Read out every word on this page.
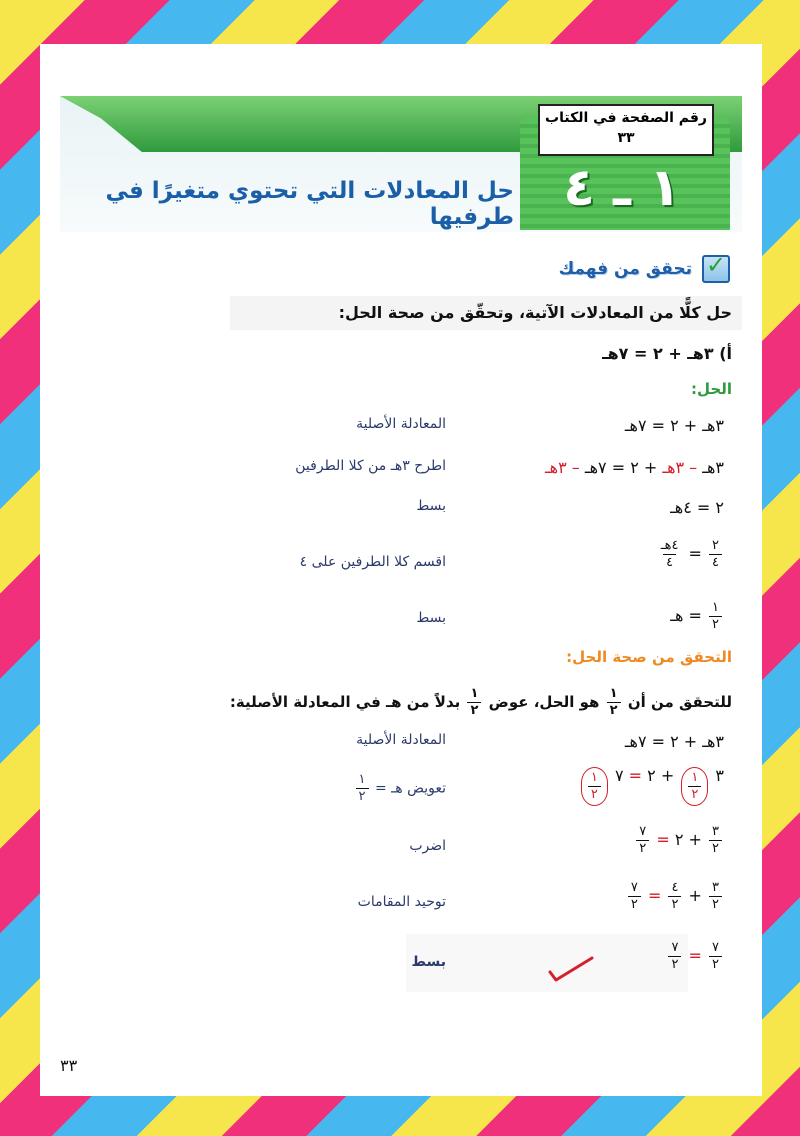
١ ـ ٤
رقم الصفحة في الكتاب
٣٣
حل المعادلات التي تحتوي متغيرًا في طرفيها
✓
تحقق من فهمك
حل كلًّا من المعادلات الآتية، وتحقّق من صحة الحل:
أ) ٣هـ + ٢ = ٧هـ
الحل:
٣هـ + ٢ = ٧هـ
المعادلة الأصلية
٣هـ – ٣هـ + ٢ = ٧هـ – ٣هـ
اطرح ٣هـ من كلا الطرفين
٢ = ٤هـ
بسط
$\frac{٢}{٤}$
=
$\frac{\text{٤هـ}}{٤}$
اقسم كلا الطرفين على ٤
$\frac{١}{٢}$
= هـ
بسط
التحقق من صحة الحل:
للتحقق من أن
$\frac{١}{٢}$
هو الحل، عوض
$\frac{١}{٢}$
بدلاً من هـ في المعادلة الأصلية:
٣هـ + ٢ = ٧هـ
المعادلة الأصلية
٣
$\frac{١}{٢}$
+ ٢ = ٧
$\frac{١}{٢}$
تعويض هـ =
$\frac{١}{٢}$
$\frac{٣}{٢}$
+ ٢ =
$\frac{٧}{٢}$
اضرب
$\frac{٣}{٢}$
+
$\frac{٤}{٢}$
=
$\frac{٧}{٢}$
توحيد المقامات
$\frac{٧}{٢}$
=
$\frac{٧}{٢}$
بسط
٣٣
